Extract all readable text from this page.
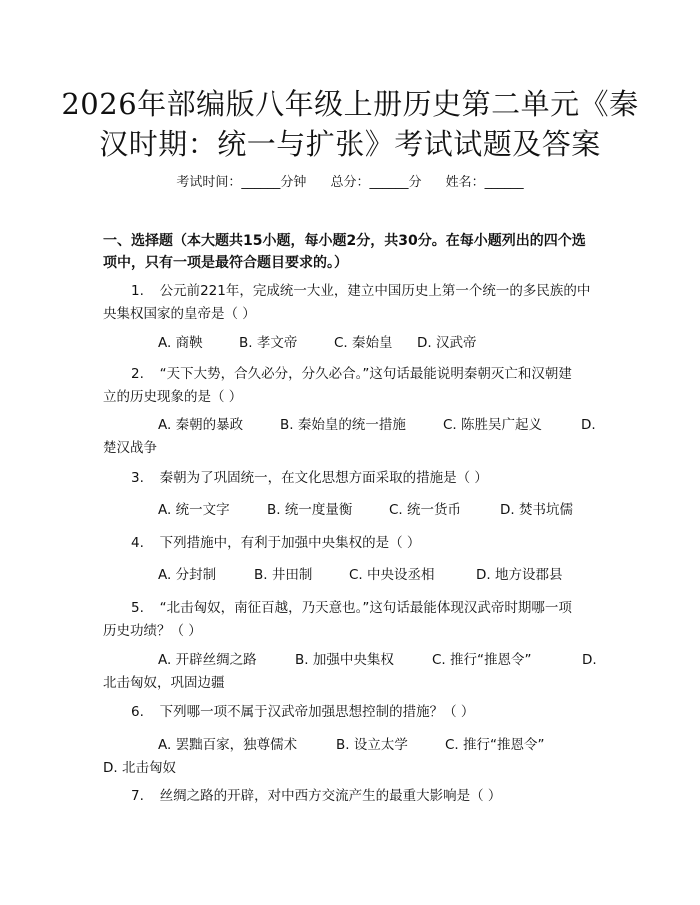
2026年部编版八年级上册历史第二单元《秦
汉时期：统一与扩张》考试试题及答案
考试时间：______分钟 总分：______分 姓名：______
一、选择题（本大题共15小题，每小题2分，共30分。在每小题列出的四个选
项中，只有一项是最符合题目要求的。）
1. 公元前221年，完成统一大业，建立中国历史上第一个统一的多民族的中
央集权国家的皇帝是（ ）
A. 商鞅	B. 孝文帝	C. 秦始皇 D. 汉武帝
2. “天下大势，合久必分，分久必合。”这句话最能说明秦朝灭亡和汉朝建
立的历史现象的是（ ）
A. 秦朝的暴政	B. 秦始皇的统一措施	C. 陈胜吴广起义	D.
楚汉战争
3. 秦朝为了巩固统一，在文化思想方面采取的措施是（ ）
A. 统一文字	B. 统一度量衡	C. 统一货币	D. 焚书坑儒
4. 下列措施中，有利于加强中央集权的是（ ）
A. 分封制	B. 井田制	C. 中央设丞相	D. 地方设郡县
5. “北击匈奴，南征百越，乃天意也。”这句话最能体现汉武帝时期哪一项
历史功绩？（ ）
A. 开辟丝绸之路	B. 加强中央集权	C. 推行“推恩令”	D.
北击匈奴，巩固边疆
6. 下列哪一项不属于汉武帝加强思想控制的措施？（ ）
A. 罢黜百家，独尊儒术	B. 设立太学	C. 推行“推恩令”
D. 北击匈奴
7. 丝绸之路的开辟，对中西方交流产生的最重大影响是（ ）
